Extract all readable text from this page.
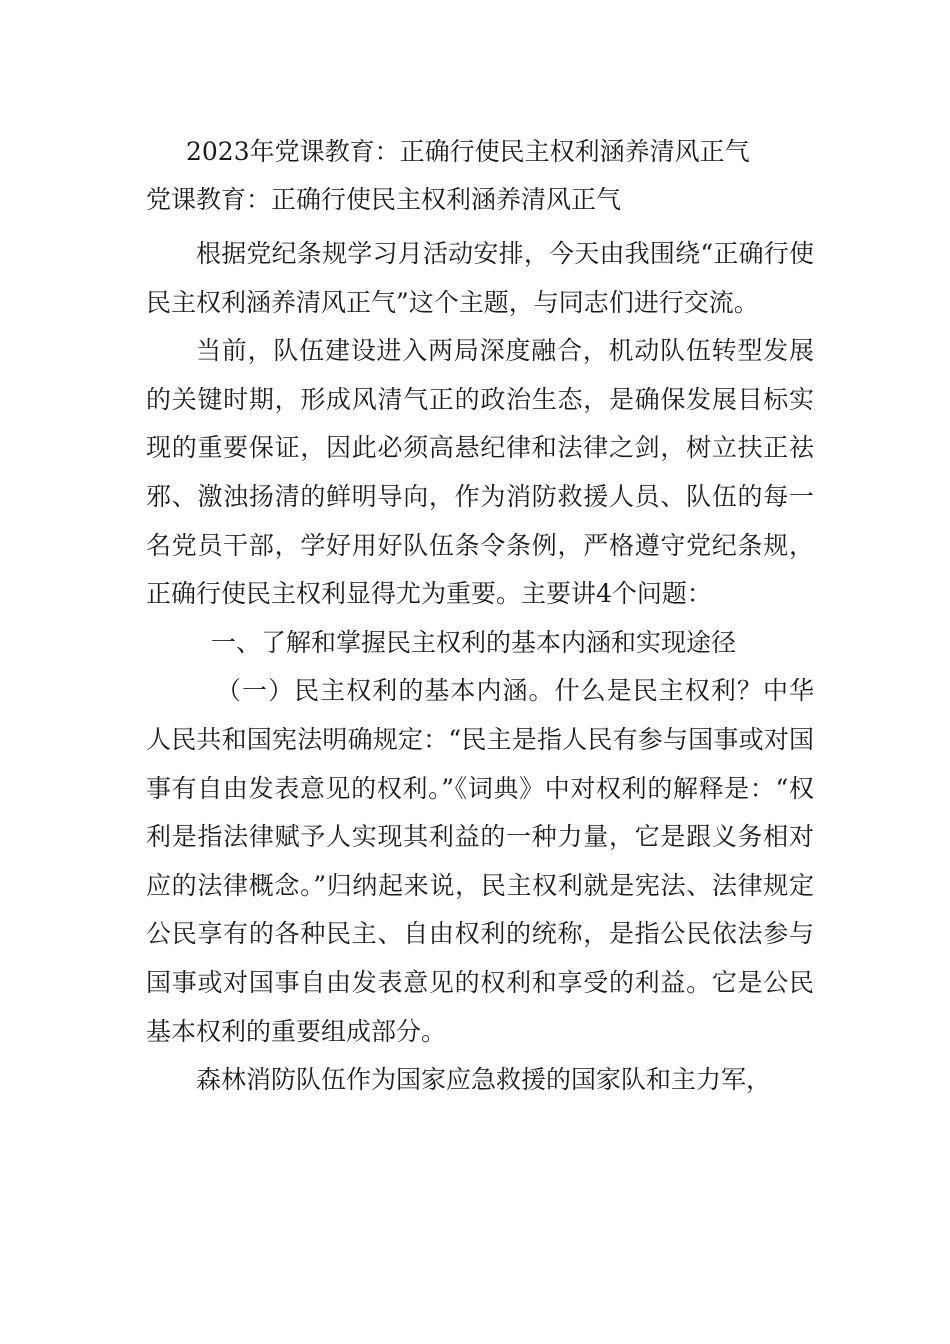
2023年党课教育：正确行使民主权利涵养清风正气
党课教育：正确行使民主权利涵养清风正气

根据党纪条规学习月活动安排，今天由我围绕“正确行使民主权利涵养清风正气”这个主题，与同志们进行交流。

当前，队伍建设进入两局深度融合，机动队伍转型发展的关键时期，形成风清气正的政治生态，是确保发展目标实现的重要保证，因此必须高悬纪律和法律之剑，树立扶正祛邪、激浊扬清的鲜明导向，作为消防救援人员、队伍的每一名党员干部，学好用好队伍条令条例，严格遵守党纪条规，正确行使民主权利显得尤为重要。主要讲4个问题：

一、了解和掌握民主权利的基本内涵和实现途径

（一）民主权利的基本内涵。什么是民主权利？中华人民共和国宪法明确规定：“民主是指人民有参与国事或对国事有自由发表意见的权利。”《词典》中对权利的解释是：“权利是指法律赋予人实现其利益的一种力量，它是跟义务相对应的法律概念。”归纳起来说，民主权利就是宪法、法律规定公民享有的各种民主、自由权利的统称，是指公民依法参与国事或对国事自由发表意见的权利和享受的利益。它是公民基本权利的重要组成部分。

森林消防队伍作为国家应急救援的国家队和主力军，
